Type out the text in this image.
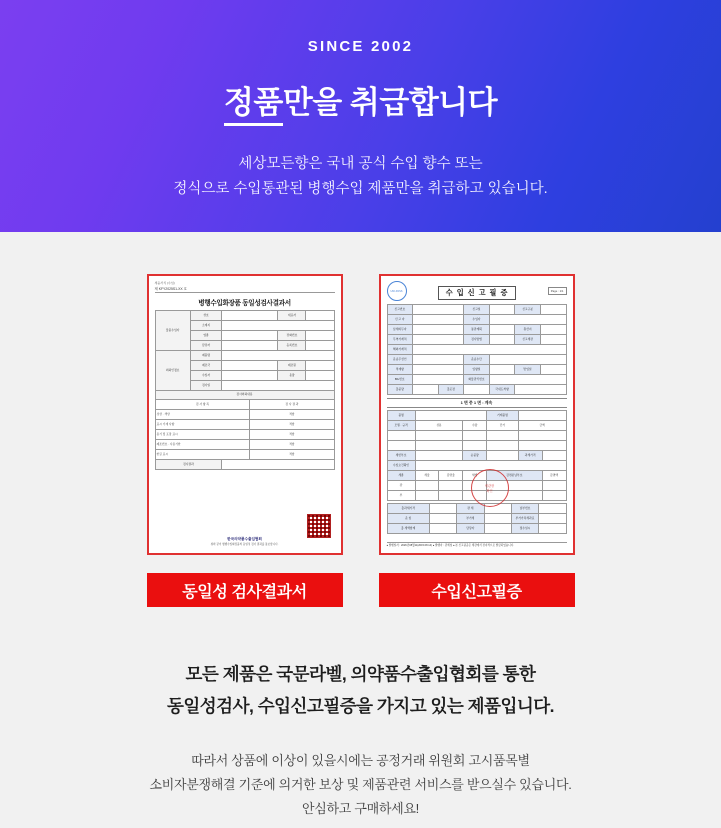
SINCE 2002
정품만을 취급합니다
세상모든향은 국내 공식 수입 향수 또는
정식으로 수입통관된 병행수입 제품만을 취급하고 있습니다.
세움서식 (수입)
제 KFY2025S1-XX 호
병행수입화장품 동일성검사결과서
물품수입자	상호			대표자	
	소재지				
	업종			전화번호	
	담당자			등록번호	
의뢰인정보	제품명				
	제조국			제조원	
	수입자			용량	
	검사일				
검사의뢰내용					
검 사 항 목			검 사 결 과		
성상 · 색상			적합		
표시 기재 사항			적합		
용기 및 포장 표시			적합		
제조번호 · 사용기한			적합		
한글 표시			적합		
검사결과					
한국의약품수출입협회
위와 같이 병행수입화장품의 동일성 검사 결과를 통보합니다.
동일성 검사결과서
UNI-PASS	수 입 신 고 필 증	Page : 1/1
신고번호			신고일		신고구분	
신 고 자			수입자			
납세의무자			통관계획		원산지	
무역거래처			검사방법		신고세관	
해외거래처						
운송주선인			운송수단			
적재항			입항일		반입일	
B/L번호			화물관리번호			
총중량		총포장		국내도착항		
1 면 중 1 면 : 계속
품명				거래품명		
모델 · 규격	성분		수량	단가	금액	

세번부호			순중량		과세가격	
수입요건확인						
세종	세율	감면율	세액	감면분납부호		감면액
관						
부						
세관장
확인
총과세가격		관 세		납부번호	
운 임		부가세		부가가치세과표	
총 세액합계		담당자		접수일시	
● 발행일자 : 2026년08월11(2015.08.14) ● 발행자 : 관세청 ● 본 신고필증은 세관에서 전자적으로 발급되었습니다.
수입신고필증
모든 제품은 국문라벨, 의약품수출입협회를 통한
동일성검사, 수입신고필증을 가지고 있는 제품입니다.
따라서 상품에 이상이 있을시에는 공정거래 위원회 고시품목별
소비자분쟁해결 기준에 의거한 보상 및 제품관련 서비스를 받으실수 있습니다.
안심하고 구매하세요!
